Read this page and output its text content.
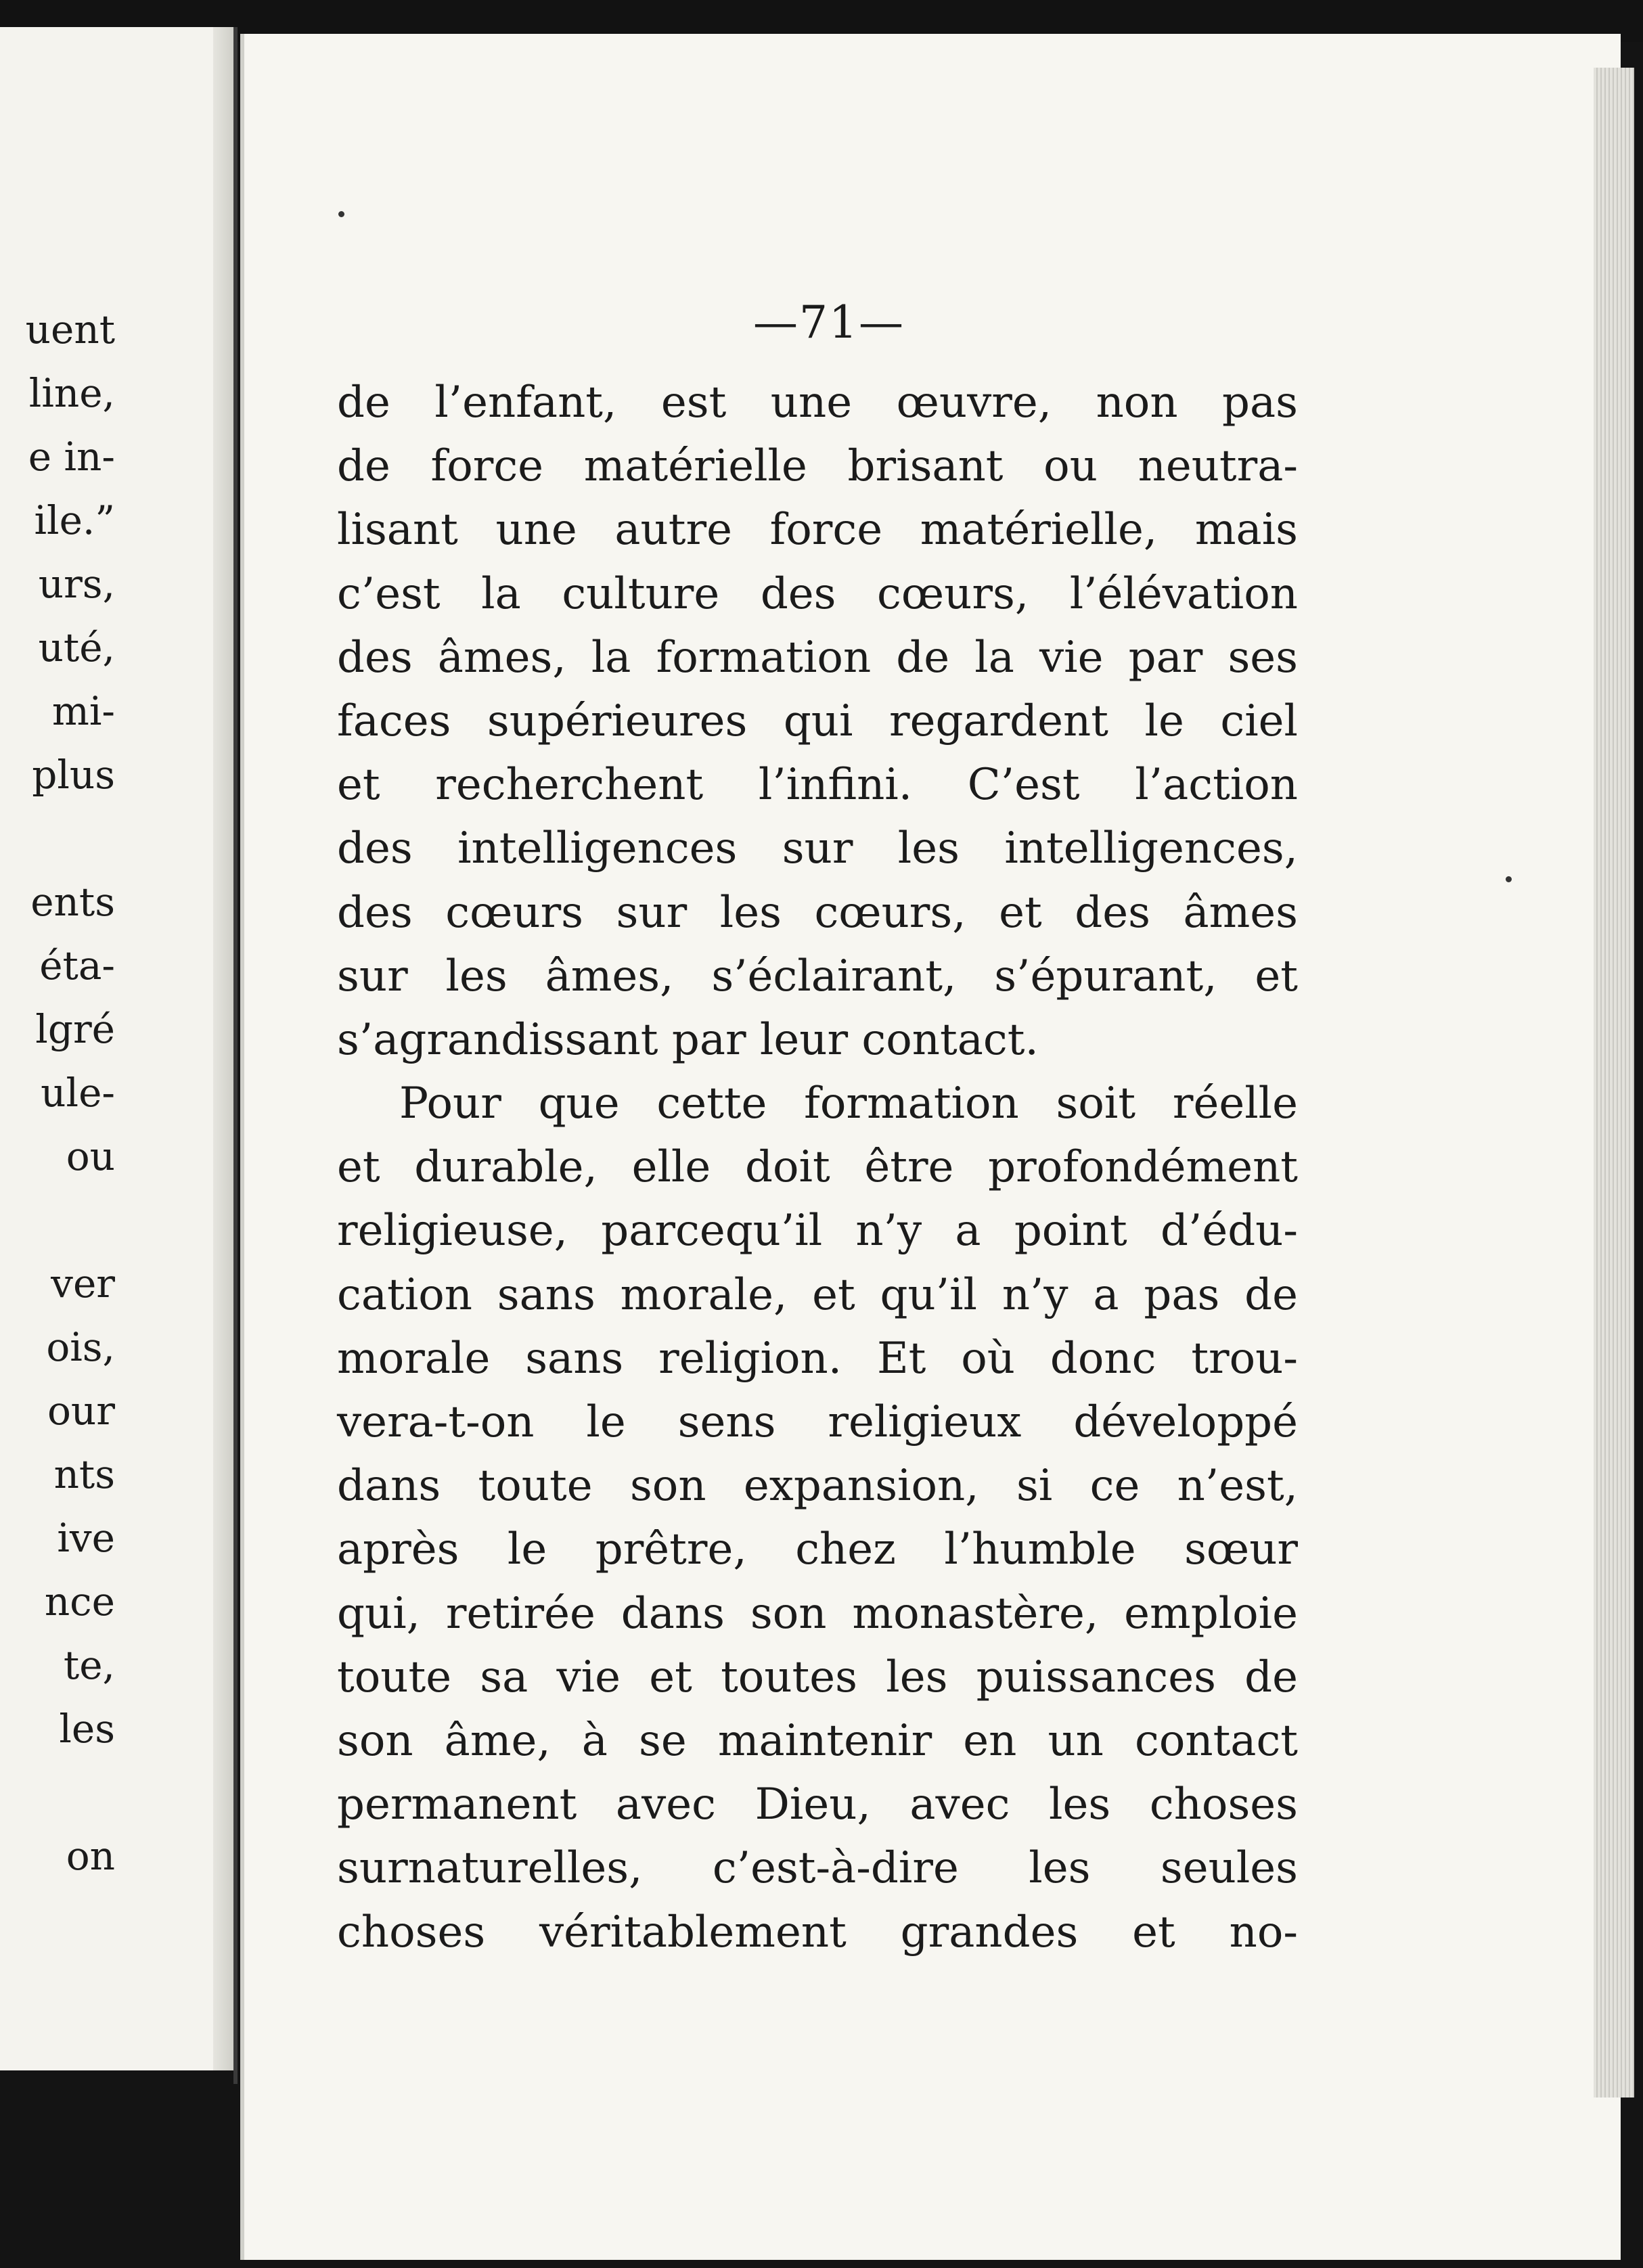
uent
line,
e in-
ile.”
urs,
uté,
mi-
plus
ents
éta-
lgré
ule-
ou
ver
ois,
our
nts
ive
nce
te,
les
on
—71—
de l’enfant, est une œuvre, non pas
de force matérielle brisant ou neutra-
lisant une autre force matérielle, mais
c’est la culture des cœurs, l’élévation
des âmes, la formation de la vie par ses
faces supérieures qui regardent le ciel
et recherchent l’infini. C’est l’action
des intelligences sur les intelligences,
des cœurs sur les cœurs, et des âmes
sur les âmes, s’éclairant, s’épurant, et
s’agrandissant par leur contact.
Pour que cette formation soit réelle
et durable, elle doit être profondément
religieuse, parcequ’il n’y a point d’édu-
cation sans morale, et qu’il n’y a pas de
morale sans religion. Et où donc trou-
vera-t-on le sens religieux développé
dans toute son expansion, si ce n’est,
après le prêtre, chez l’humble sœur
qui, retirée dans son monastère, emploie
toute sa vie et toutes les puissances de
son âme, à se maintenir en un contact
permanent avec Dieu, avec les choses
surnaturelles, c’est-à-dire les seules
choses véritablement grandes et no-
